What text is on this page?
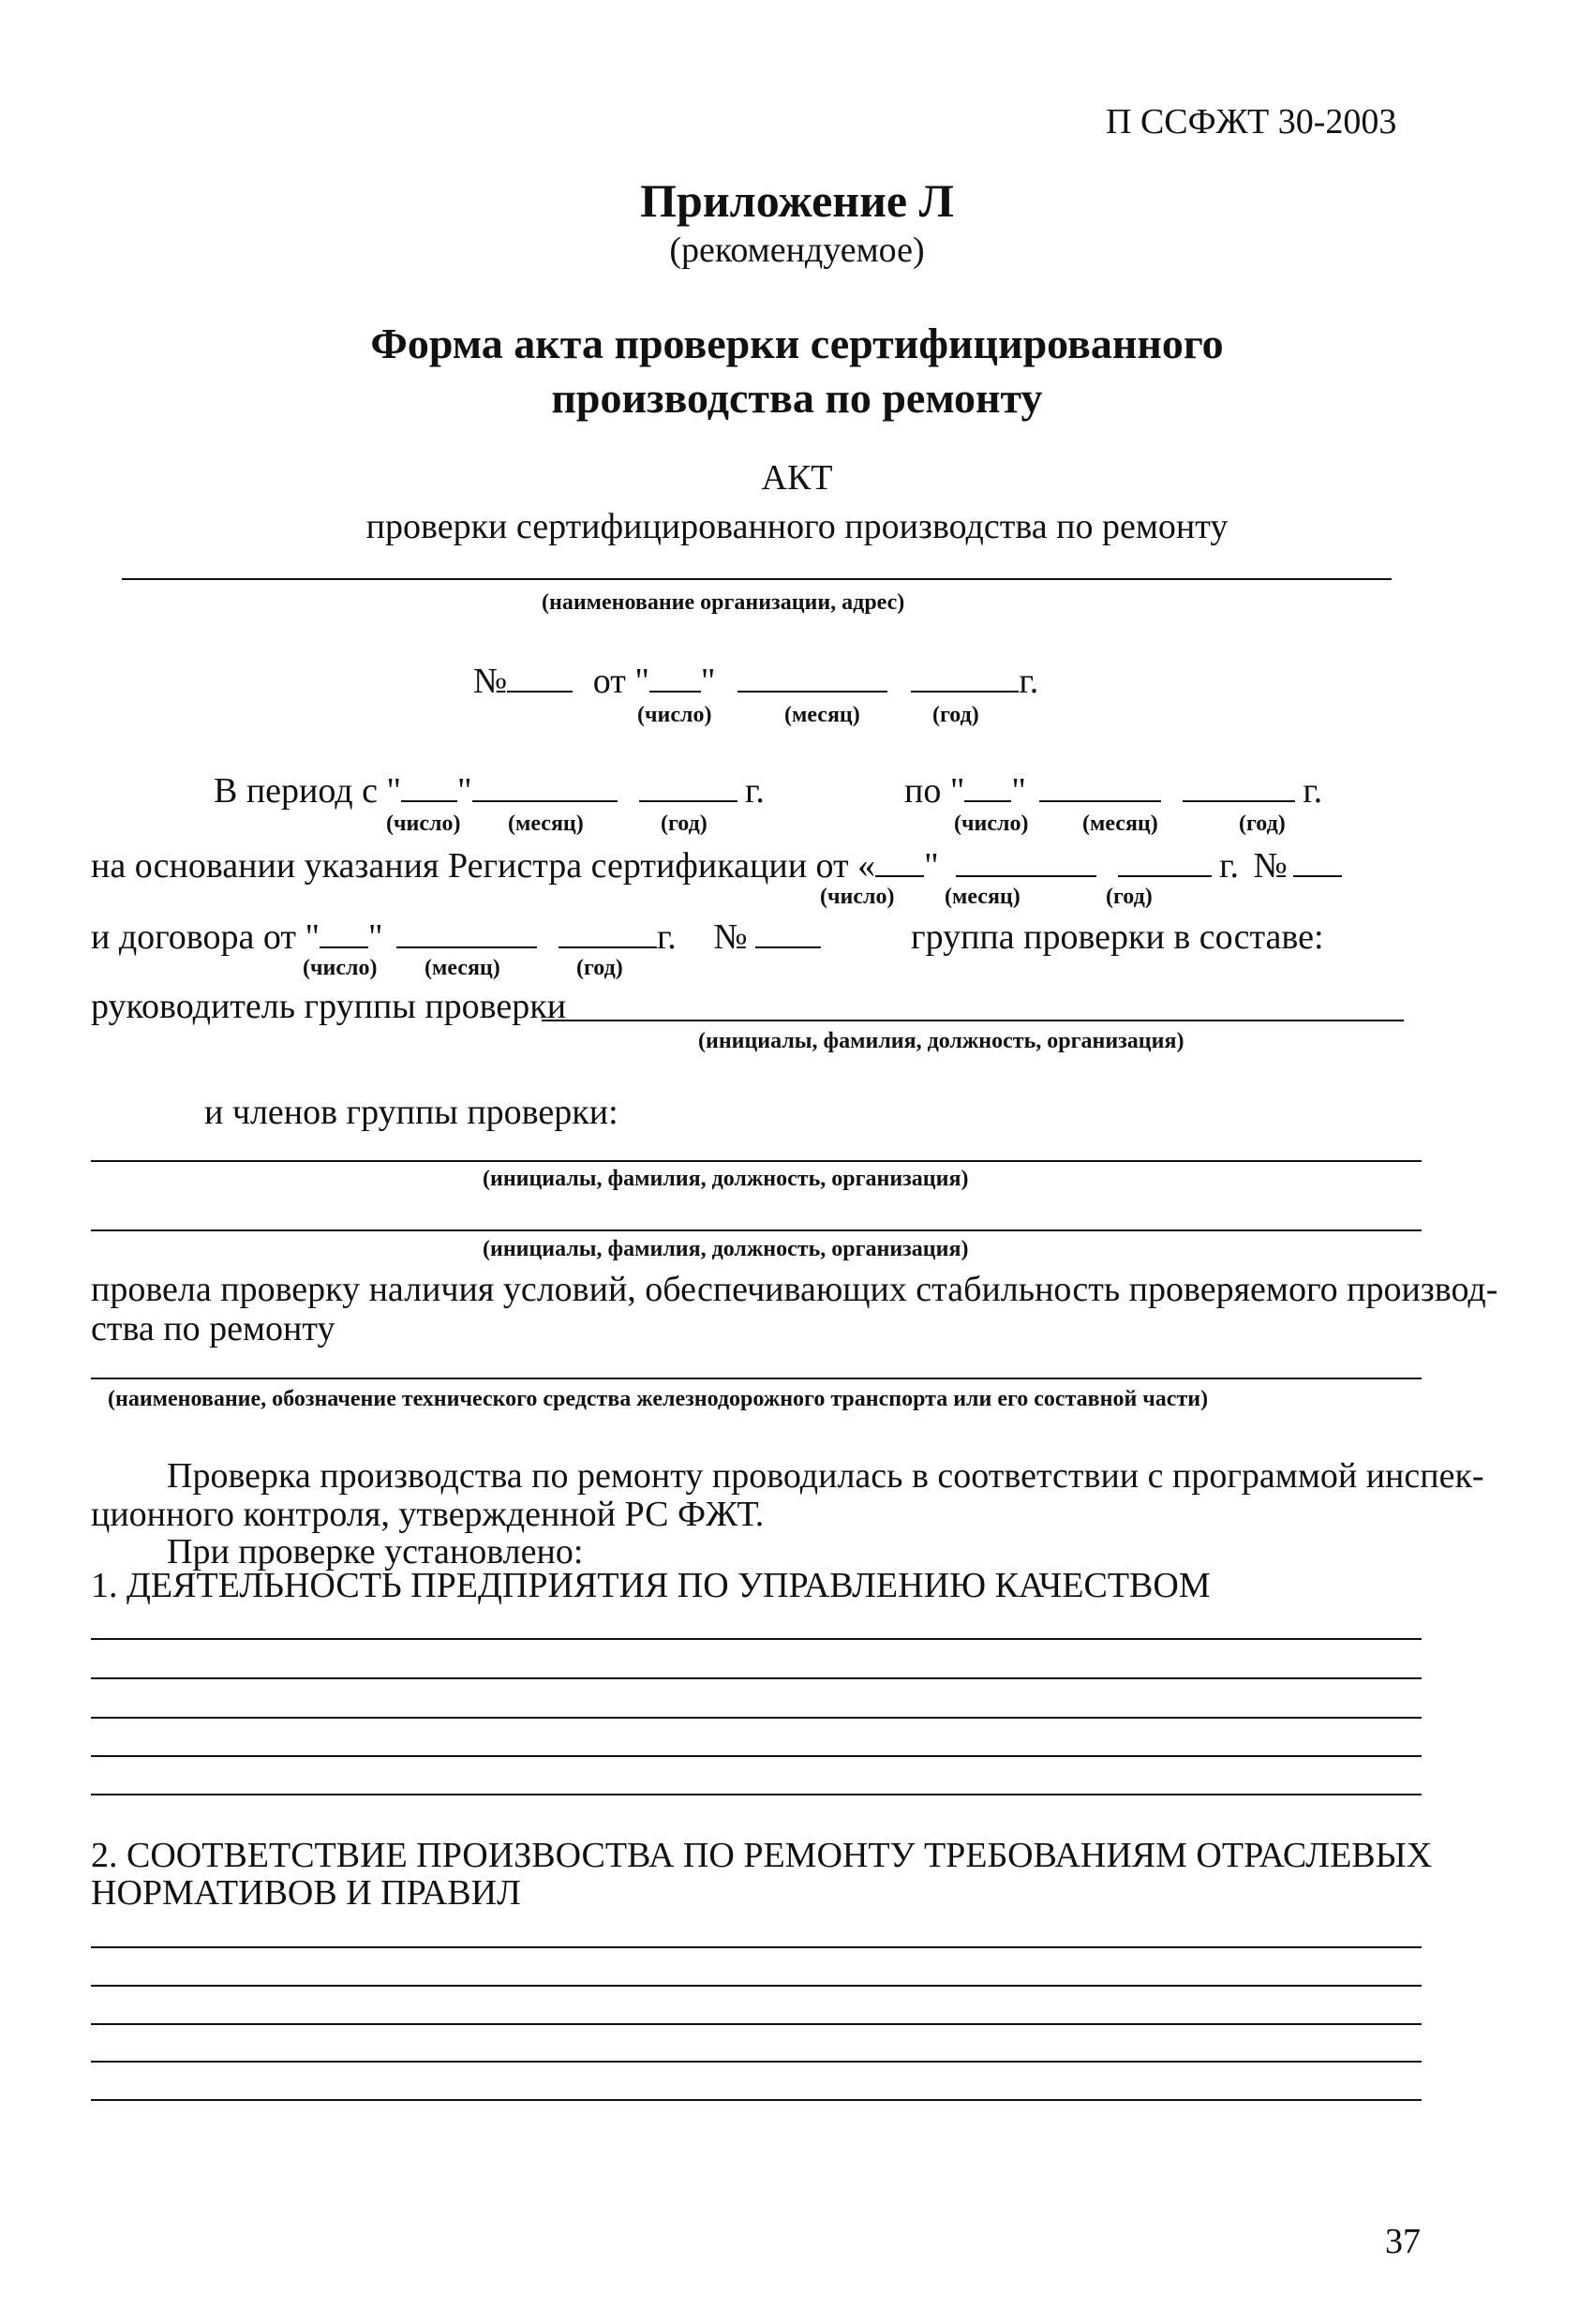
П ССФЖТ 30-2003
Приложение Л
(рекомендуемое)
Форма акта проверки сертифицированного
производства по ремонту
АКТ
проверки сертифицированного производства по ремонту
(наименование организации, адрес)
№ от " "	г.
(число)	(месяц)	(год)
В период с " "	г.	по " "	г.
(число) (месяц)	(год)	(число) (месяц)	(год)
на основании указания Регистра сертификации от « "	г. №
(число) (месяц)	(год)
и договора от " "	г. №	группа проверки в составе:
(число) (месяц)	(год)
руководитель группы проверки
(инициалы, фамилия, должность, организация)
и членов группы проверки:
(инициалы, фамилия, должность, организация)
(инициалы, фамилия, должность, организация)
провела проверку наличия условий, обеспечивающих стабильность проверяемого производ-
ства по ремонту
(наименование, обозначение технического средства железнодорожного транспорта или его составной части)
Проверка производства по ремонту проводилась в соответствии с программой инспек-
ционного контроля, утвержденной РС ФЖТ.
При проверке установлено:
1. ДЕЯТЕЛЬНОСТЬ ПРЕДПРИЯТИЯ ПО УПРАВЛЕНИЮ КАЧЕСТВОМ
2. СООТВЕТСТВИЕ ПРОИЗВОСТВА ПО РЕМОНТУ ТРЕБОВАНИЯМ ОТРАСЛЕВЫХ
НОРМАТИВОВ И ПРАВИЛ
37
